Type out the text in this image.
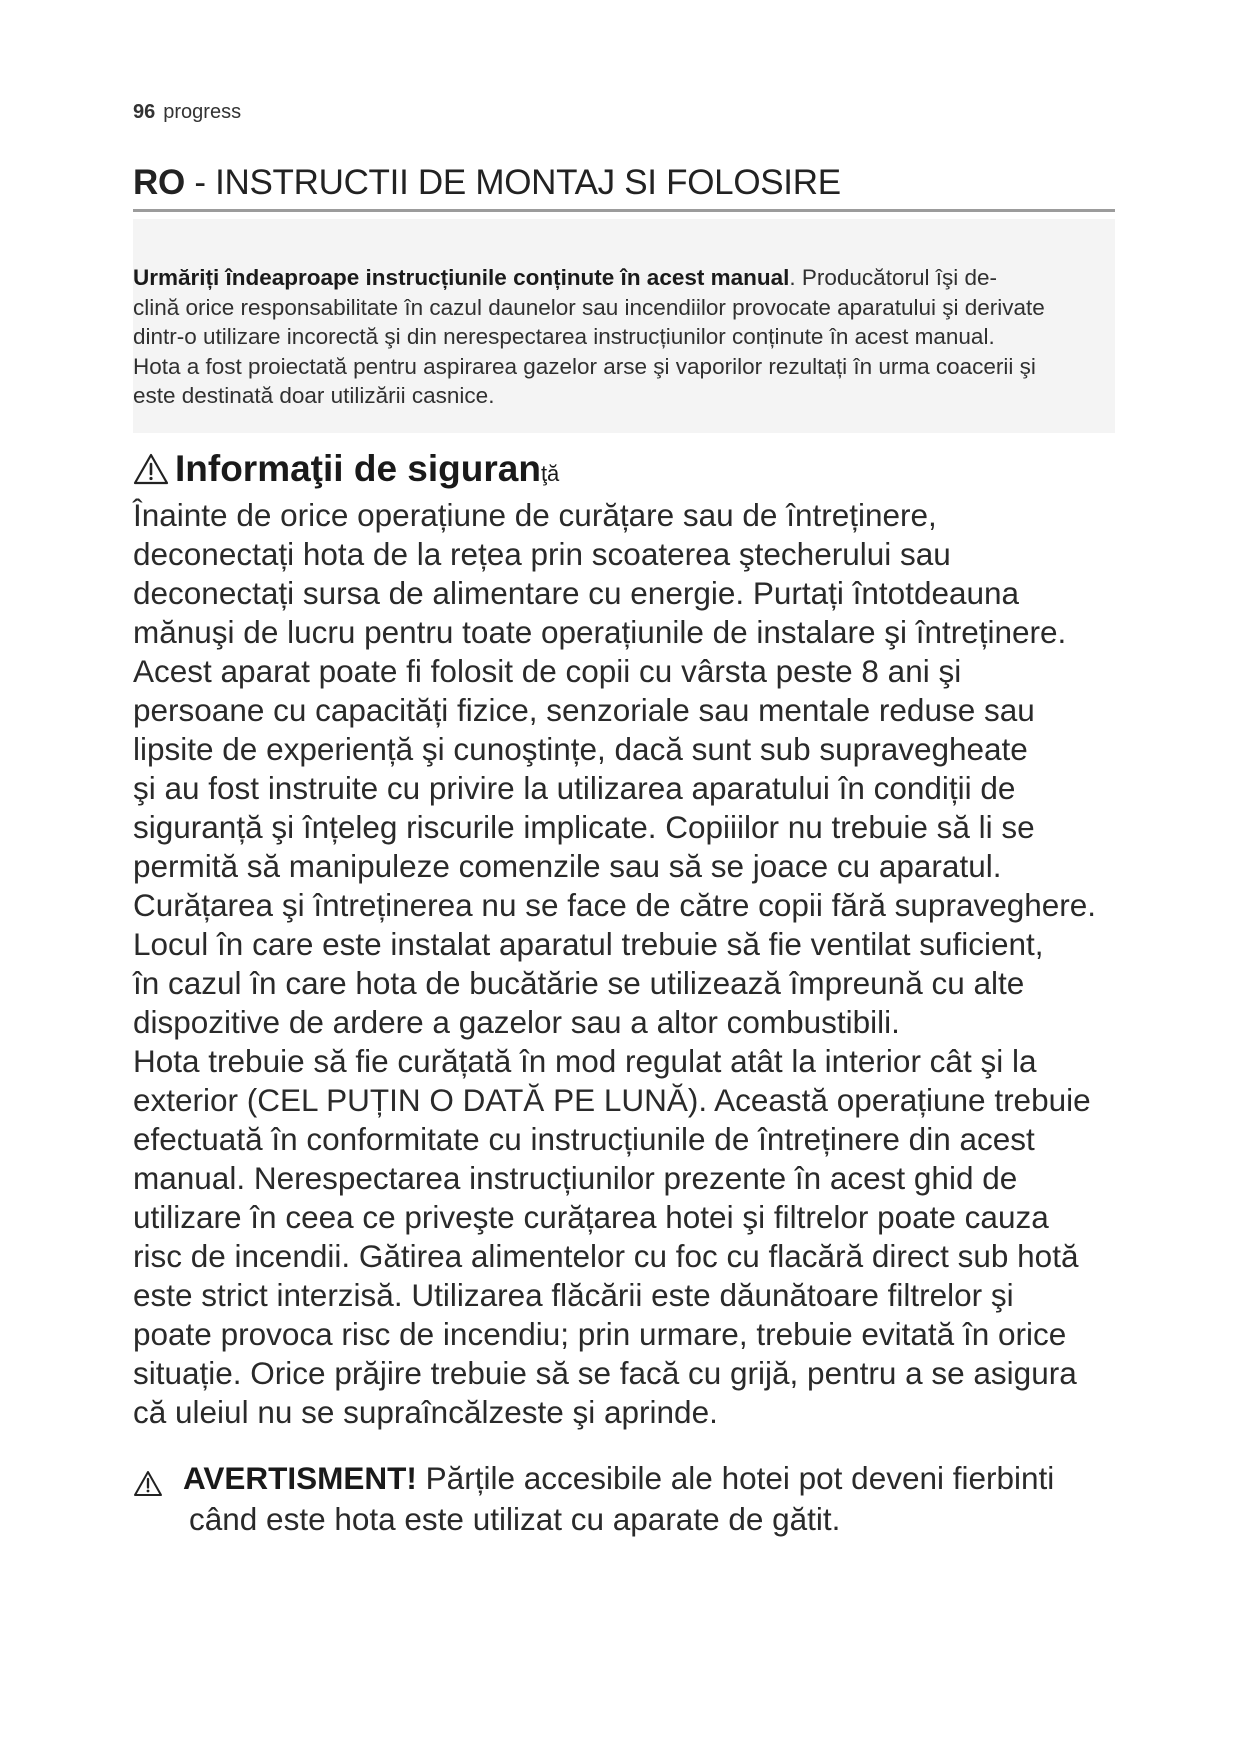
96 progress
RO - INSTRUCTII DE MONTAJ SI FOLOSIRE

Urmăriți îndeaproape instrucțiunile conținute în acest manual. Producătorul îşi de-
clină orice responsabilitate în cazul daunelor sau incendiilor provocate aparatului şi derivate
dintr-o utilizare incorectă şi din nerespectarea instrucțiunilor conținute în acest manual.
Hota a fost proiectată pentru aspirarea gazelor arse şi vaporilor rezultați în urma coacerii şi
este destinată doar utilizării casnice.

Informaţii de siguranţă
Înainte de orice operațiune de curățare sau de întreținere,
deconectați hota de la rețea prin scoaterea ştecherului sau
deconectați sursa de alimentare cu energie. Purtați întotdeauna
mănuşi de lucru pentru toate operațiunile de instalare şi întreținere.
Acest aparat poate fi folosit de copii cu vârsta peste 8 ani şi
persoane cu capacități fizice, senzoriale sau mentale reduse sau
lipsite de experiență şi cunoştințe, dacă sunt sub supravegheate
şi au fost instruite cu privire la utilizarea aparatului în condiții de
siguranță şi înțeleg riscurile implicate. Copiiilor nu trebuie să li se
permită să manipuleze comenzile sau să se joace cu aparatul.
Curățarea şi întreținerea nu se face de către copii fără supraveghere.
Locul în care este instalat aparatul trebuie să fie ventilat suficient,
în cazul în care hota de bucătărie se utilizează împreună cu alte
dispozitive de ardere a gazelor sau a altor combustibili.
Hota trebuie să fie curățată în mod regulat atât la interior cât şi la
exterior (CEL PUȚIN O DATĂ PE LUNĂ). Această operațiune trebuie
efectuată în conformitate cu instrucțiunile de întreținere din acest
manual. Nerespectarea instrucțiunilor prezente în acest ghid de
utilizare în ceea ce priveşte curățarea hotei şi filtrelor poate cauza
risc de incendii. Gătirea alimentelor cu foc cu flacără direct sub hotă
este strict interzisă. Utilizarea flăcării este dăunătoare filtrelor şi
poate provoca risc de incendiu; prin urmare, trebuie evitată în orice
situație. Orice prăjire trebuie să se facă cu grijă, pentru a se asigura
că uleiul nu se supraîncălzeste şi aprinde.
AVERTISMENT! Părțile accesibile ale hotei pot deveni fierbinti
când este hota este utilizat cu aparate de gătit.
